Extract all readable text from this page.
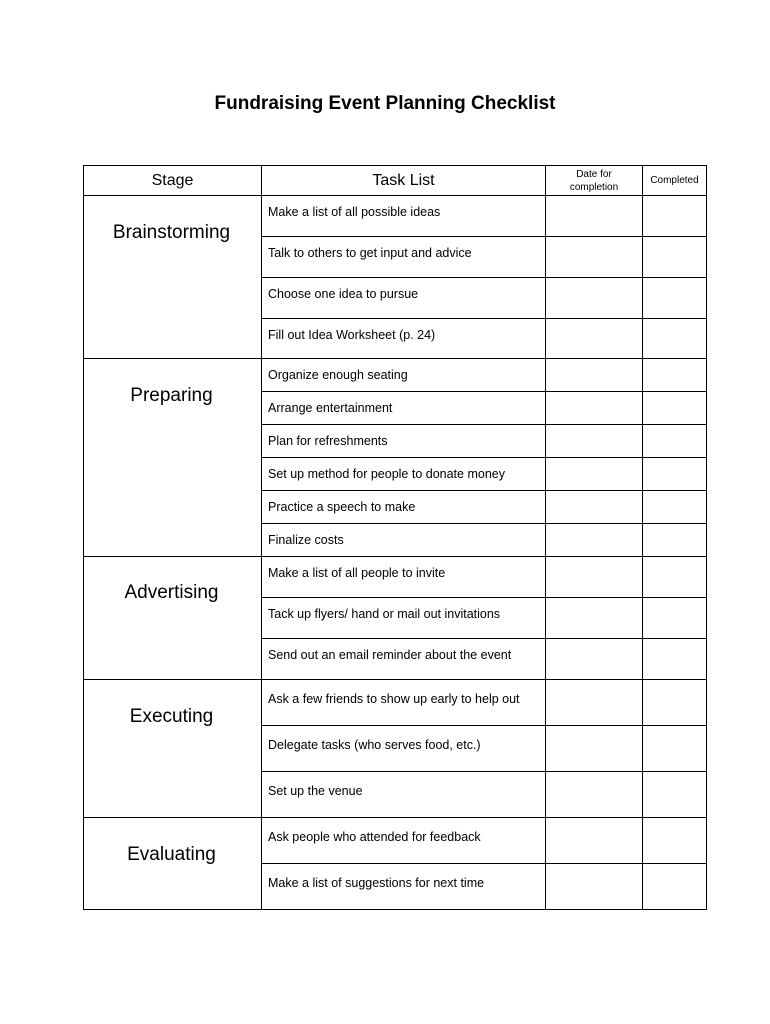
Fundraising Event Planning Checklist
Stage	Task List	Date for completion	Completed

Brainstorming	Make a list of all possible ideas		

	Talk to others to get input and advice		

	Choose one idea to pursue		

	Fill out Idea Worksheet (p. 24)		

Preparing	Organize enough seating		
	Arrange entertainment		
	Plan for refreshments		
	Set up method for people to donate money		
	Practice a speech to make		
	Finalize costs		

Advertising	Make a list of all people to invite		

	Tack up flyers/ hand or mail out invitations		

	Send out an email reminder about the event		

Executing	Ask a few friends to show up early to help out		

	Delegate tasks (who serves food, etc.)		

	Set up the venue		

Evaluating	Ask people who attended for feedback		

	Make a list of suggestions for next time		
